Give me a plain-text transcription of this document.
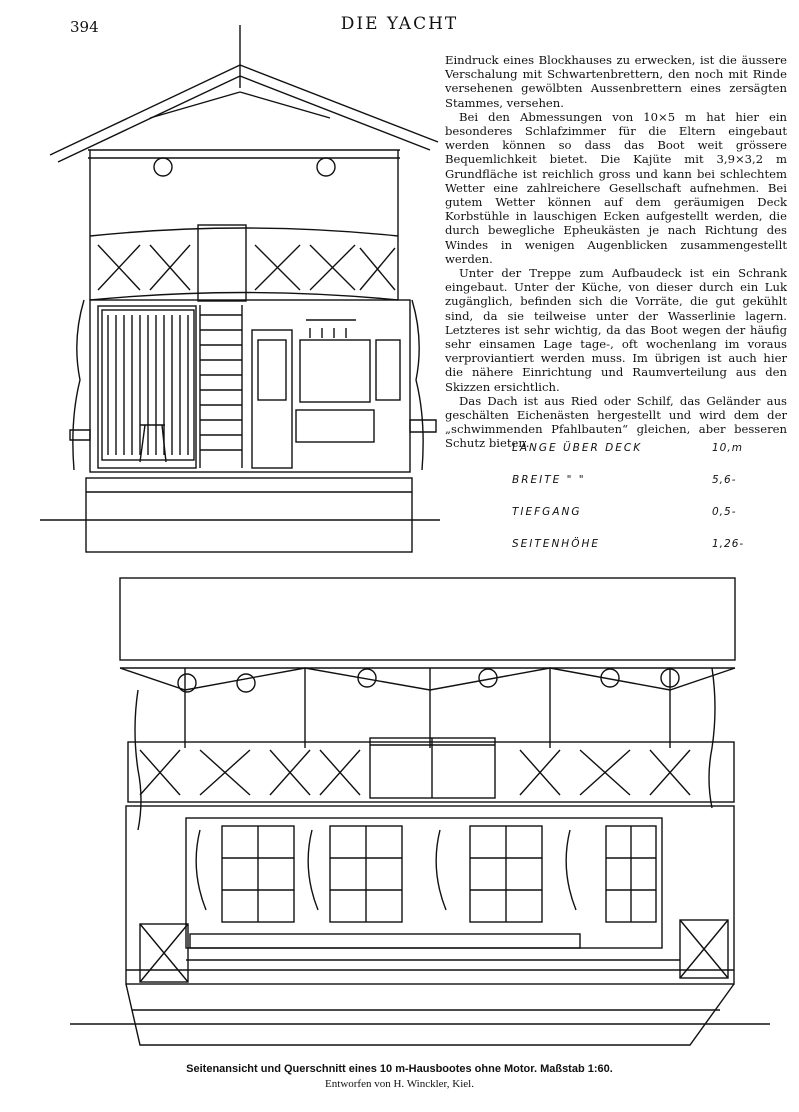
394	DIE YACHT

Eindruck eines Blockhauses zu erwecken, ist die äussere Verschalung mit Schwartenbrettern, den noch mit Rinde versehenen gewölbten Aussenbrettern eines zersägten Stammes, versehen.

Bei den Abmessungen von 10×5 m hat hier ein besonderes Schlafzimmer für die Eltern eingebaut werden können so dass das Boot weit grössere Bequemlichkeit bietet. Die Kajüte mit 3,9×3,2 m Grundfläche ist reichlich gross und kann bei schlechtem Wetter eine zahlreichere Gesellschaft aufnehmen. Bei gutem Wetter können auf dem geräumigen Deck Korbstühle in lauschigen Ecken aufgestellt werden, die durch bewegliche Epheukästen je nach Richtung des Windes in wenigen Augenblicken zusammengestellt werden.

Unter der Treppe zum Aufbaudeck ist ein Schrank eingebaut. Unter der Küche, von dieser durch ein Luk zugänglich, befinden sich die Vorräte, die gut gekühlt sind, da sie teilweise unter der Wasserlinie lagern. Letzteres ist sehr wichtig, da das Boot wegen der häufig sehr einsamen Lage tage-, oft wochenlang im voraus verproviantiert werden muss. Im übrigen ist auch hier die nähere Einrichtung und Raumverteilung aus den Skizzen ersichtlich.

Das Dach ist aus Ried oder Schilf, das Geländer aus geschälten Eichenästen hergestellt und wird dem der „schwimmenden Pfahlbauten“ gleichen, aber besseren Schutz bieten.

LÄNGE ÜBER DECK	10,m
BREITE " "	5,6-
TIEFGANG	0,5-
SEITENHÖHE	1,26-
Seitenansicht und Querschnitt eines 10 m-Hausbootes ohne Motor. Maßstab 1:60.
Entworfen von H. Winckler, Kiel.
